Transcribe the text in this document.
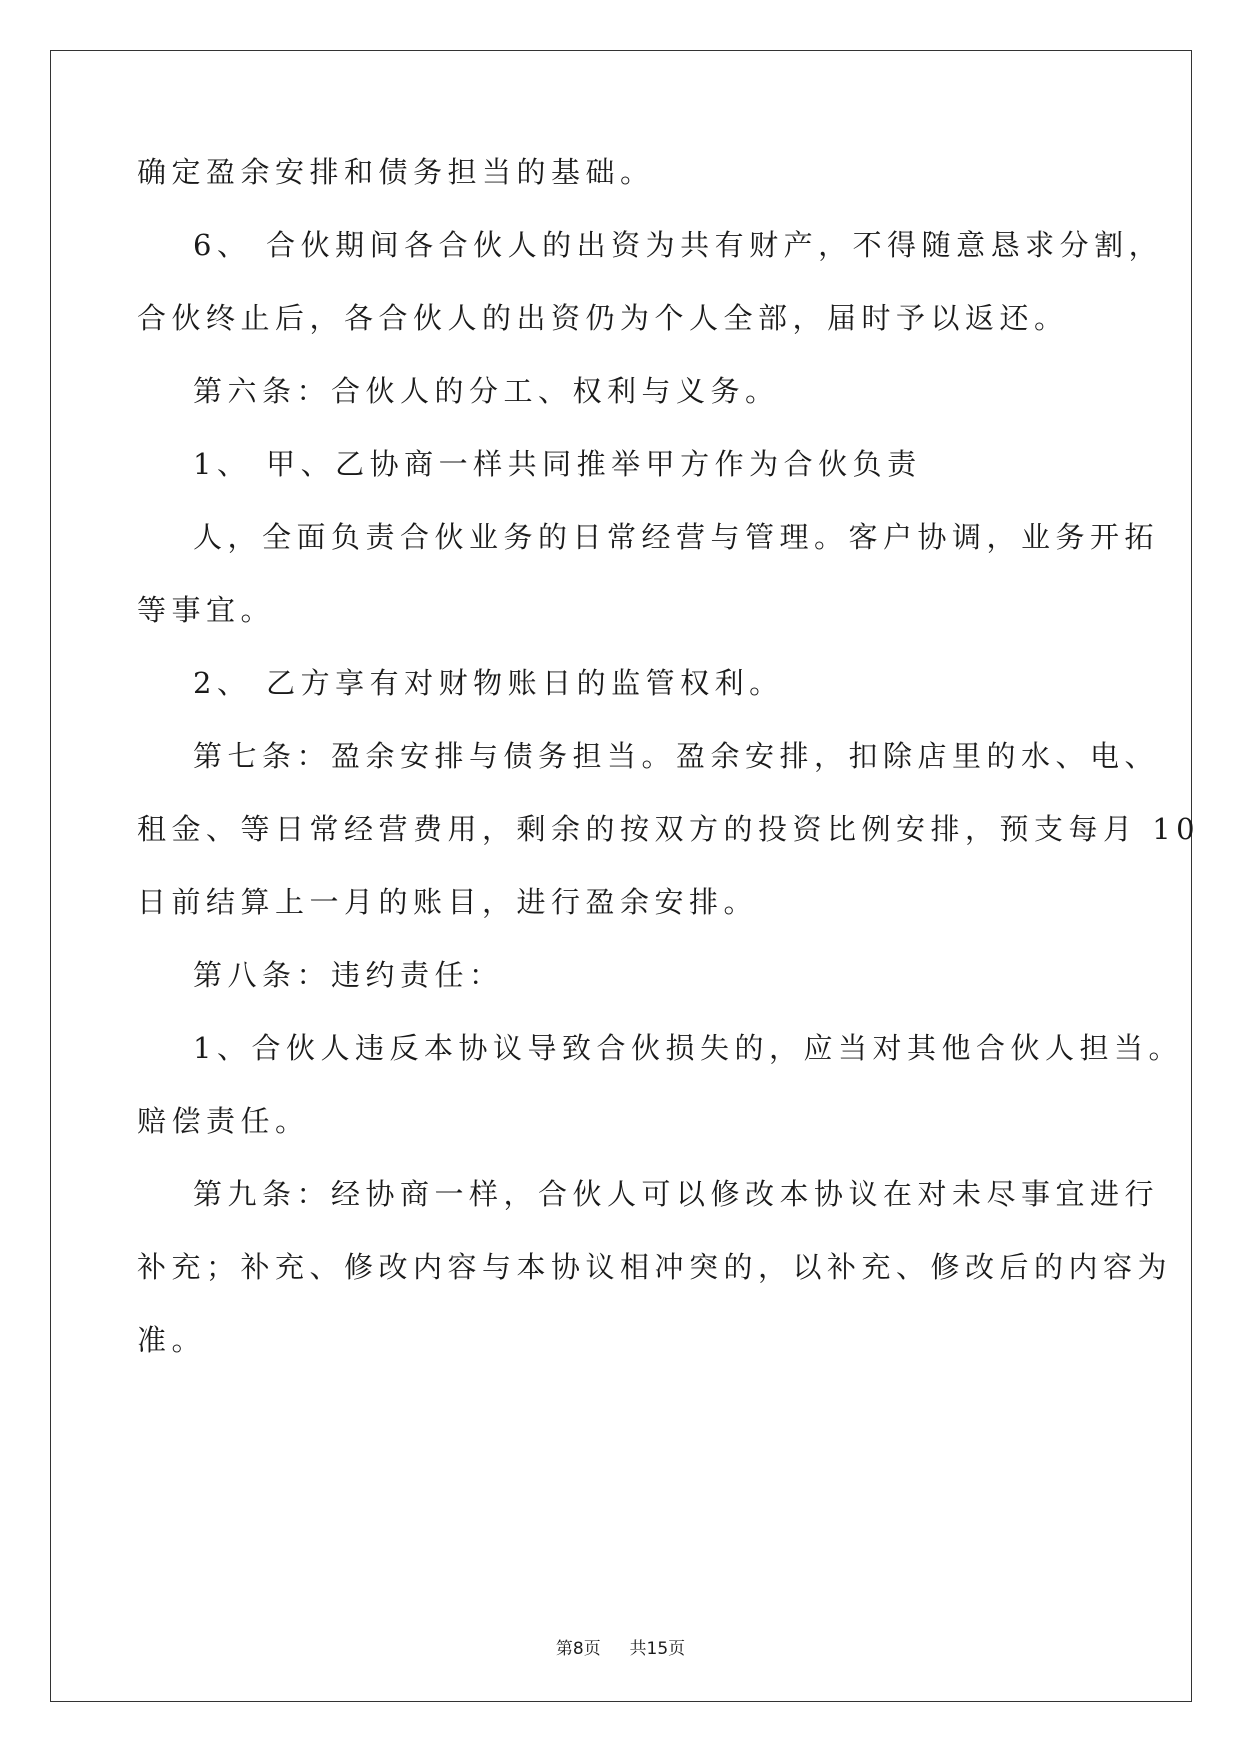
确定盈余安排和债务担当的基础。
6、 合伙期间各合伙人的出资为共有财产，不得随意恳求分割，
合伙终止后，各合伙人的出资仍为个人全部，届时予以返还。
第六条：合伙人的分工、权利与义务。
1、 甲、乙协商一样共同推举甲方作为合伙负责
人，全面负责合伙业务的日常经营与管理。客户协调，业务开拓
等事宜。
2、 乙方享有对财物账日的监管权利。
第七条：盈余安排与债务担当。盈余安排，扣除店里的水、电、
租金、等日常经营费用，剩余的按双方的投资比例安排，预支每月 10
日前结算上一月的账目，进行盈余安排。
第八条：违约责任：
1、合伙人违反本协议导致合伙损失的，应当对其他合伙人担当。
赔偿责任。
第九条：经协商一样，合伙人可以修改本协议在对未尽事宜进行
补充；补充、修改内容与本协议相冲突的，以补充、修改后的内容为
准。
第8页 共15页
